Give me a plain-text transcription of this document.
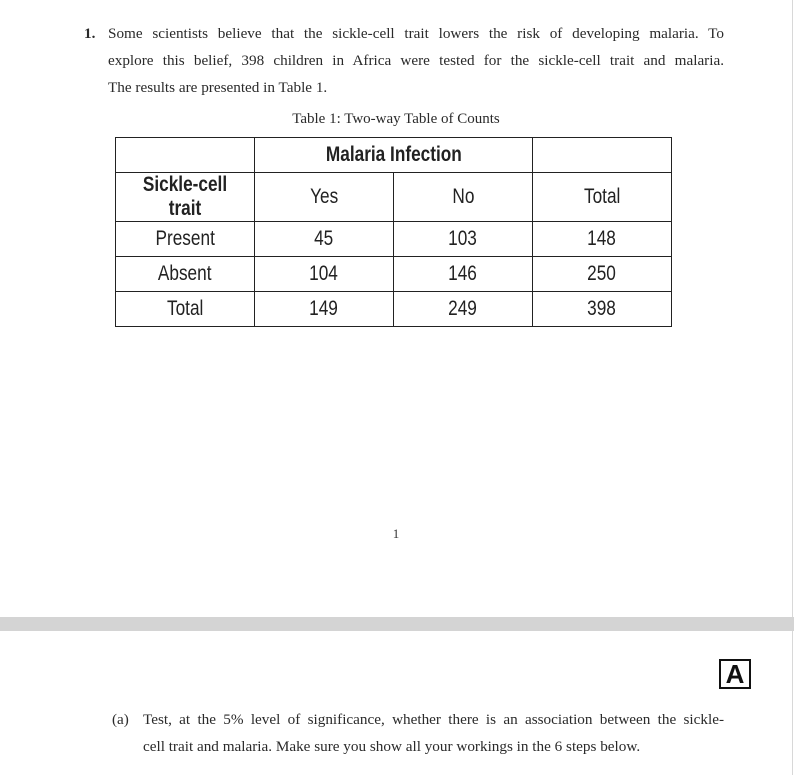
1. Some scientists believe that the sickle-cell trait lowers the risk of developing malaria. To
explore this belief, 398 children in Africa were tested for the sickle-cell trait and malaria.
The results are presented in Table 1.
Table 1: Two-way Table of Counts
	Malaria Infection		
Sickle-cell trait	Yes	No	Total
Present	45	103	148
Absent	104	146	250
Total	149	249	398
1
A
(a) Test, at the 5% level of significance, whether there is an association between the sickle-
cell trait and malaria. Make sure you show all your workings in the 6 steps below.
